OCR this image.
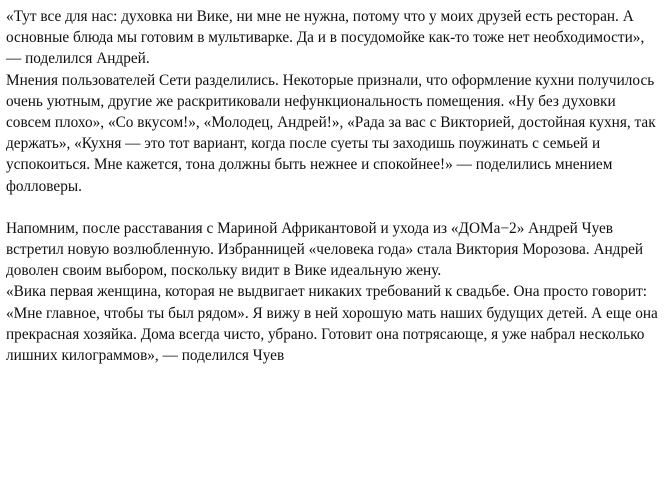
«Тут все для нас: духовка ни Вике, ни мне не нужна, потому что у моих друзей есть ресторан. А основные блюда мы готовим в мультиварке. Да и в посудомойке как-то тоже нет необходимости», — поделился Андрей.

Мнения пользователей Сети разделились. Некоторые признали, что оформление кухни получилось очень уютным, другие же раскритиковали нефункциональность помещения. «Ну без духовки совсем плохо», «Со вкусом!», «Молодец, Андрей!», «Рада за вас с Викторией, достойная кухня, так держать», «Кухня — это тот вариант, когда после суеты ты заходишь поужинать с семьей и успокоиться. Мне кажется, тона должны быть нежнее и спокойнее!» — поделились мнением фолловеры.

Напомним, после расставания с Мариной Африкантовой и ухода из «ДОМа−2» Андрей Чуев встретил новую возлюбленную. Избранницей «человека года» стала Виктория Морозова. Андрей доволен своим выбором, поскольку видит в Вике идеальную жену.

«Вика первая женщина, которая не выдвигает никаких требований к свадьбе. Она просто говорит: «Мне главное, чтобы ты был рядом». Я вижу в ней хорошую мать наших будущих детей. А еще она прекрасная хозяйка. Дома всегда чисто, убрано. Готовит она потрясающе, я уже набрал несколько лишних килограммов», — поделился Чуев
